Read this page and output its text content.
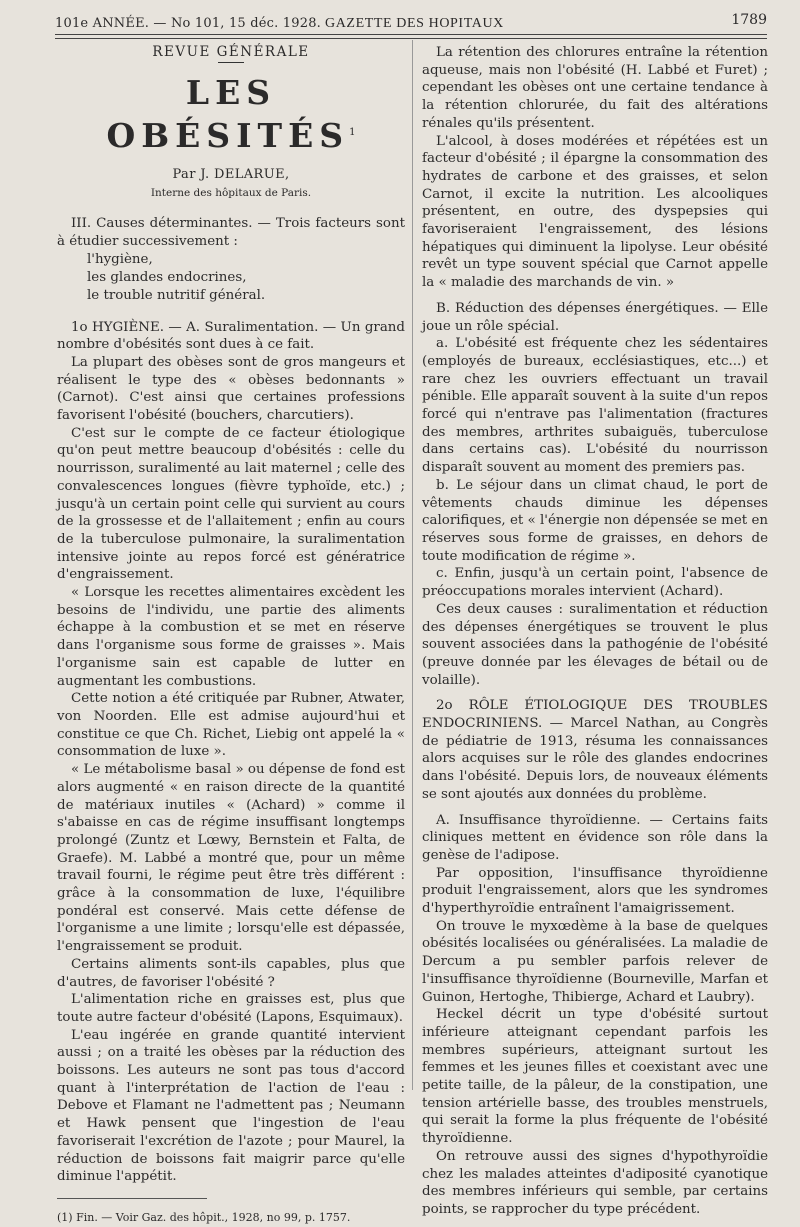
101e ANNÉE. — No 101, 15 déc. 1928. GAZETTE DES HOPITAUX	1789

REVUE GÉNÉRALE

LES OBÉSITÉS$^1$
Par J. DELARUE,
Interne des hôpitaux de Paris.

III. Causes déterminantes. — Trois facteurs sont à étudier successivement :

l'hygiène,
les glandes endocrines,
le trouble nutritif général.

1o HYGIÈNE. — A. Suralimentation. — Un grand nombre d'obésités sont dues à ce fait.

La plupart des obèses sont de gros mangeurs et réalisent le type des « obèses bedonnants » (Carnot). C'est ainsi que certaines professions favorisent l'obésité (bouchers, charcutiers).

C'est sur le compte de ce facteur étiologique qu'on peut mettre beaucoup d'obésités : celle du nourrisson, suralimenté au lait maternel ; celle des convalescences longues (fièvre typhoïde, etc.) ; jusqu'à un certain point celle qui survient au cours de la grossesse et de l'allaitement ; enfin au cours de la tuberculose pulmonaire, la suralimentation intensive jointe au repos forcé est génératrice d'engraissement.

« Lorsque les recettes alimentaires excèdent les besoins de l'individu, une partie des aliments échappe à la combustion et se met en réserve dans l'organisme sous forme de graisses ». Mais l'organisme sain est capable de lutter en augmentant les combustions.

Cette notion a été critiquée par Rubner, Atwater, von Noorden. Elle est admise aujourd'hui et constitue ce que Ch. Richet, Liebig ont appelé la « consommation de luxe ».

« Le métabolisme basal » ou dépense de fond est alors augmenté « en raison directe de la quantité de matériaux inutiles « (Achard) » comme il s'abaisse en cas de régime insuffisant longtemps prolongé (Zuntz et Lœwy, Bernstein et Falta, de Graefe). M. Labbé a montré que, pour un même travail fourni, le régime peut être très différent : grâce à la consommation de luxe, l'équilibre pondéral est conservé. Mais cette défense de l'organisme a une limite ; lorsqu'elle est dépassée, l'engraissement se produit.

Certains aliments sont-ils capables, plus que d'autres, de favoriser l'obésité ?

L'alimentation riche en graisses est, plus que toute autre facteur d'obésité (Lapons, Esquimaux).

L'eau ingérée en grande quantité intervient aussi ; on a traité les obèses par la réduction des boissons. Les auteurs ne sont pas tous d'accord quant à l'interprétation de l'action de l'eau : Debove et Flamant ne l'admettent pas ; Neumann et Hawk pensent que l'ingestion de l'eau favoriserait l'excrétion de l'azote ; pour Maurel, la réduction de boissons fait maigrir parce qu'elle diminue l'appétit.

(1) Fin. — Voir Gaz. des hôpit., 1928, no 99, p. 1757.

La rétention des chlorures entraîne la rétention aqueuse, mais non l'obésité (H. Labbé et Furet) ; cependant les obèses ont une certaine tendance à la rétention chlorurée, du fait des altérations rénales qu'ils présentent.

L'alcool, à doses modérées et répétées est un facteur d'obésité ; il épargne la consommation des hydrates de carbone et des graisses, et selon Carnot, il excite la nutrition. Les alcooliques présentent, en outre, des dyspepsies qui favoriseraient l'engraissement, des lésions hépatiques qui diminuent la lipolyse. Leur obésité revêt un type souvent spécial que Carnot appelle la « maladie des marchands de vin. »

B. Réduction des dépenses énergétiques. — Elle joue un rôle spécial.

a. L'obésité est fréquente chez les sédentaires (employés de bureaux, ecclésiastiques, etc...) et rare chez les ouvriers effectuant un travail pénible. Elle apparaît souvent à la suite d'un repos forcé qui n'entrave pas l'alimentation (fractures des membres, arthrites subaiguës, tuberculose dans certains cas). L'obésité du nourrisson disparaît souvent au moment des premiers pas.

b. Le séjour dans un climat chaud, le port de vêtements chauds diminue les dépenses calorifiques, et « l'énergie non dépensée se met en réserves sous forme de graisses, en dehors de toute modification de régime ».

c. Enfin, jusqu'à un certain point, l'absence de préoccupations morales intervient (Achard).

Ces deux causes : suralimentation et réduction des dépenses énergétiques se trouvent le plus souvent associées dans la pathogénie de l'obésité (preuve donnée par les élevages de bétail ou de volaille).

2o RÔLE ÉTIOLOGIQUE DES TROUBLES ENDOCRINIENS. — Marcel Nathan, au Congrès de pédiatrie de 1913, résuma les connaissances alors acquises sur le rôle des glandes endocrines dans l'obésité. Depuis lors, de nouveaux éléments se sont ajoutés aux données du problème.

A. Insuffisance thyroïdienne. — Certains faits cliniques mettent en évidence son rôle dans la genèse de l'adipose.

Par opposition, l'insuffisance thyroïdienne produit l'engraissement, alors que les syndromes d'hyperthyroïdie entraînent l'amaigrissement.

On trouve le myxœdème à la base de quelques obésités localisées ou généralisées. La maladie de Dercum a pu sembler parfois relever de l'insuffisance thyroïdienne (Bourneville, Marfan et Guinon, Hertoghe, Thibierge, Achard et Laubry).

Heckel décrit un type d'obésité surtout inférieure atteignant cependant parfois les membres supérieurs, atteignant surtout les femmes et les jeunes filles et coexistant avec une petite taille, de la pâleur, de la constipation, une tension artérielle basse, des troubles menstruels, qui serait la forme la plus fréquente de l'obésité thyroïdienne.

On retrouve aussi des signes d'hypothyroïdie chez les malades atteintes d'adiposité cyanotique des membres inférieurs qui semble, par certains points, se rapprocher du type précédent.
